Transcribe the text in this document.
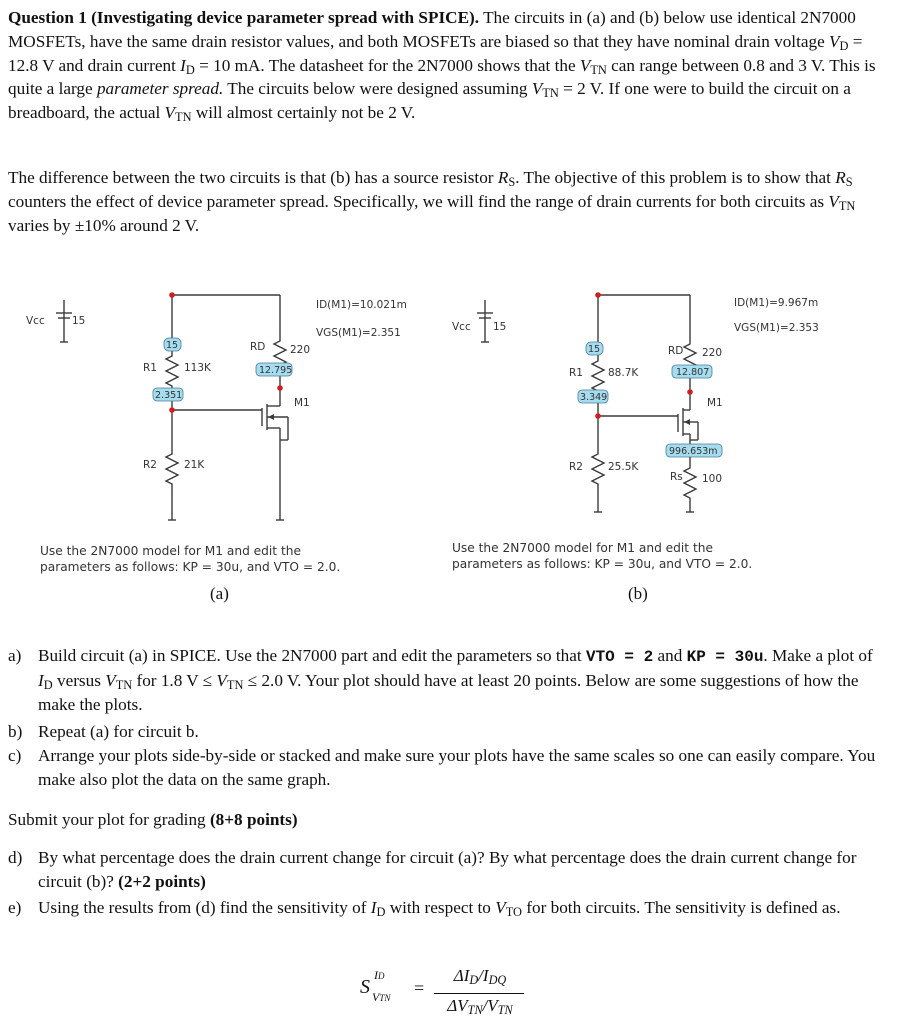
Question 1 (Investigating device parameter spread with SPICE). The circuits in (a) and (b) below use identical 2N7000 MOSFETs, have the same drain resistor values, and both MOSFETs are biased so that they have nominal drain voltage $V_D = 12.8$ V and drain current $I_D = 10$ mA. The datasheet for the 2N7000 shows that the $V_{TN}$ can range between 0.8 and 3 V. This is quite a large parameter spread. The circuits below were designed assuming $V_{TN} = 2$ V. If one were to build the circuit on a breadboard, the actual $V_{TN}$ will almost certainly not be 2 V.

The difference between the two circuits is that (b) has a source resistor $R_S$. The objective of this problem is to show that $R_S$ counters the effect of device parameter spread. Specifically, we will find the range of drain currents for both circuits as $V_{TN}$ varies by ±10% around 2 V.

Vcc	15
15
R1	113K
2.351
R2	21K
RD 220
12.795
M1
ID(M1)=10.021m
VGS(M1)=2.351	Vcc 15
15
R1 88.7K
3.349
R2 25.5K
RD 220
12.807
M1
996.653m
Rs 100
ID(M1)=9.967m
VGS(M1)=2.353
Use the 2N7000 model for M1 and edit the
parameters as follows: KP = 30u, and VTO = 2.0.
Use the 2N7000 model for M1 and edit the
parameters as follows: KP = 30u, and VTO = 2.0.
(a)	(b)
a) Build circuit (a) in SPICE. Use the 2N7000 part and edit the parameters so that VTO = 2 and KP = 30u. Make a plot of $I_D$ versus $V_{TN}$ for 1.8 $V \le V_{TN} \le 2.0$ V. Your plot should have at least 20 points. Below are some suggestions of how the make the plots.
b) Repeat (a) for circuit b.
c) Arrange your plots side-by-side or stacked and make sure your plots have the same scales so one can easily compare. You make also plot the data on the same graph.
Submit your plot for grading (8+8 points)
d) By what percentage does the drain current change for circuit (a)? By what percentage does the drain current change for circuit (b)? (2+2 points)
e) Using the results from (d) find the sensitivity of $I_D$ with respect to $V_{TO}$ for both circuits. The sensitivity is defined as.
S
ID
VTN =
$\Delta I_D/I_{DQ}$
$\Delta V_{TN}/V_{TN}$
